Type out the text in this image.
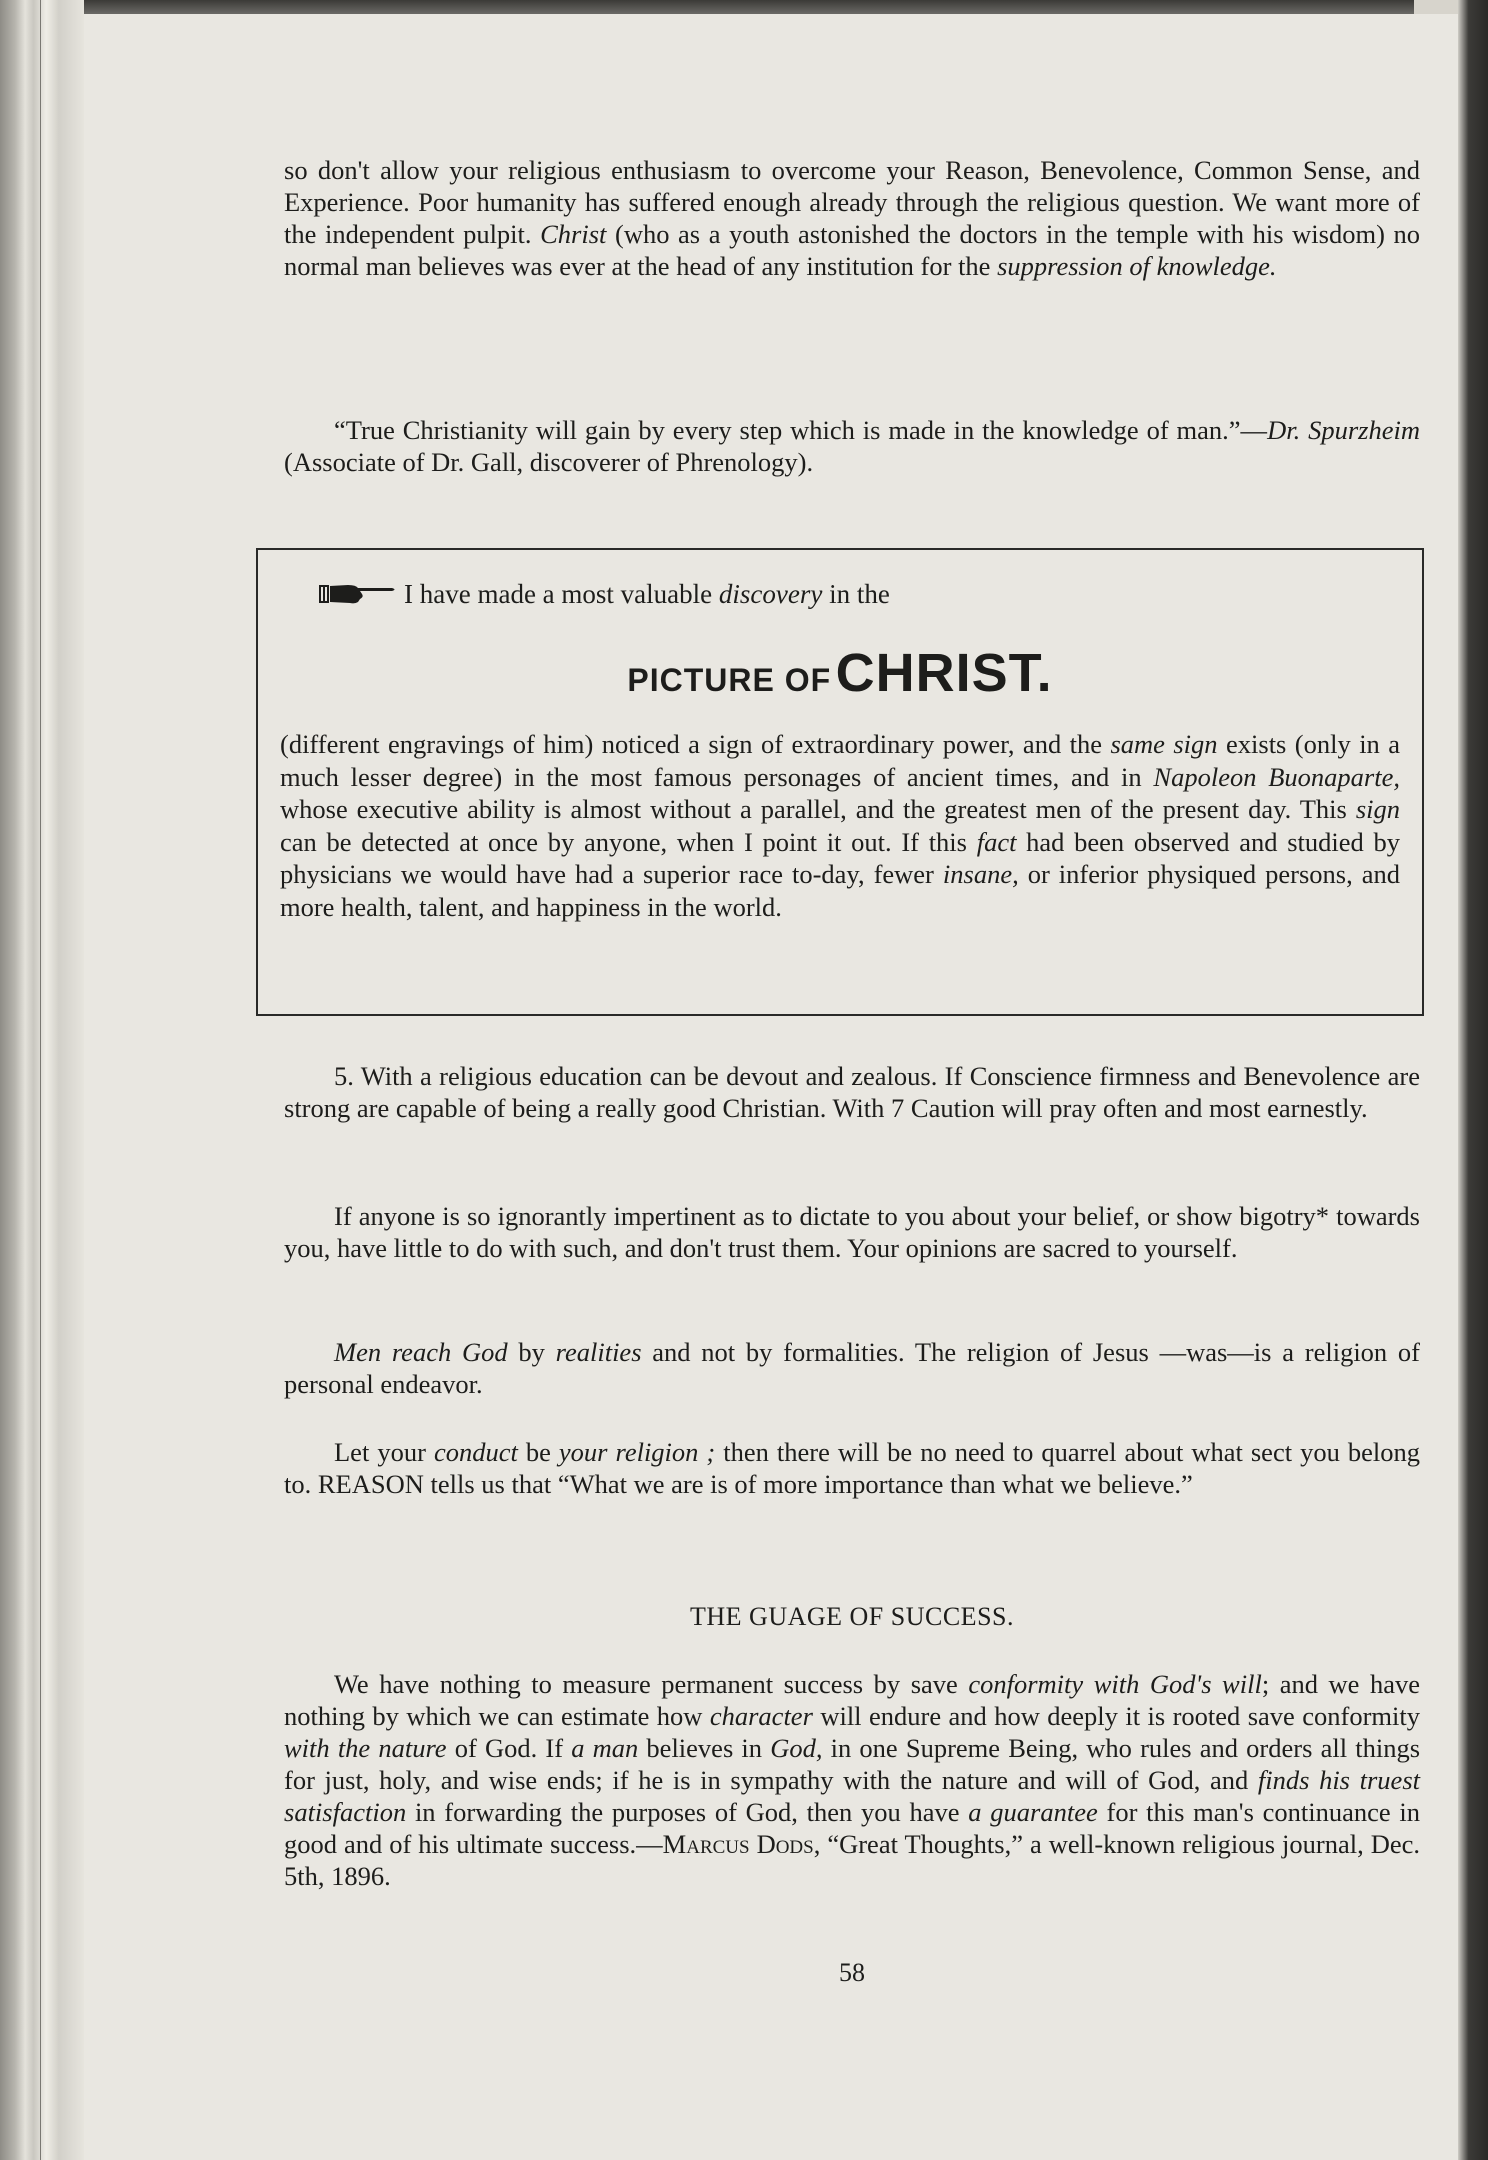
so don't allow your religious enthusiasm to overcome your Reason, Benevolence, Common Sense, and Experience. Poor humanity has suffered enough already through the religious question. We want more of the independent pulpit. Christ (who as a youth astonished the doctors in the temple with his wisdom) no normal man believes was ever at the head of any institution for the suppression of knowledge.

“True Christianity will gain by every step which is made in the knowledge of man.”—Dr. Spurzheim (Associate of Dr. Gall, discoverer of Phrenology).

I have made a most valuable discovery in the
PICTURE OF CHRIST.

(different engravings of him) noticed a sign of extraordinary power, and the same sign exists (only in a much lesser degree) in the most famous personages of ancient times, and in Napoleon Buonaparte, whose executive ability is almost without a parallel, and the greatest men of the present day. This sign can be detected at once by anyone, when I point it out. If this fact had been observed and studied by physicians we would have had a superior race to-day, fewer insane, or inferior physiqued persons, and more health, talent, and happiness in the world.

5. With a religious education can be devout and zealous. If Conscience firmness and Benevolence are strong are capable of being a really good Christian. With 7 Caution will pray often and most earnestly.

If anyone is so ignorantly impertinent as to dictate to you about your belief, or show bigotry* towards you, have little to do with such, and don't trust them. Your opinions are sacred to yourself.

Men reach God by realities and not by formalities. The religion of Jesus —was—is a religion of personal endeavor.

Let your conduct be your religion ; then there will be no need to quarrel about what sect you belong to. REASON tells us that “What we are is of more importance than what we believe.”

THE GUAGE OF SUCCESS.

We have nothing to measure permanent success by save conformity with God's will; and we have nothing by which we can estimate how character will endure and how deeply it is rooted save conformity with the nature of God. If a man believes in God, in one Supreme Being, who rules and orders all things for just, holy, and wise ends; if he is in sympathy with the nature and will of God, and finds his truest satisfaction in forwarding the purposes of God, then you have a guarantee for this man's continuance in good and of his ultimate success.—Marcus Dods, “Great Thoughts,” a well-known religious journal, Dec. 5th, 1896.

58
